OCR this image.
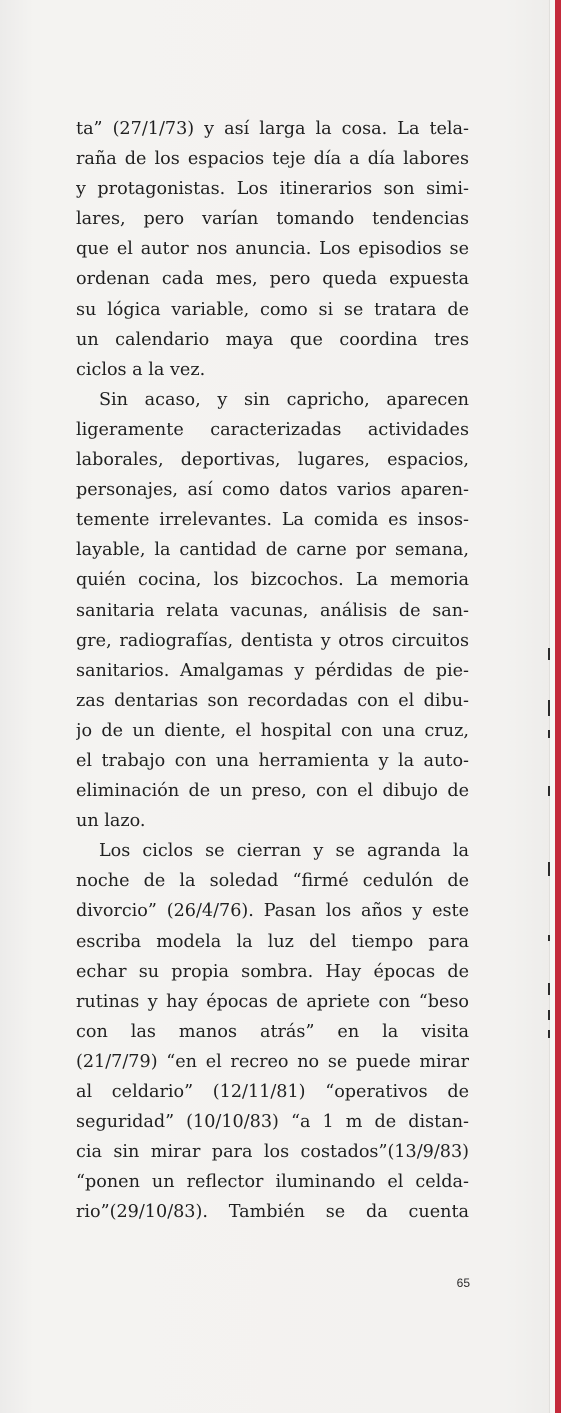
ta” (27/1/73) y así larga la cosa. La tela-
raña de los espacios teje día a día labores
y protagonistas. Los itinerarios son simi-
lares, pero varían tomando tendencias
que el autor nos anuncia. Los episodios se
ordenan cada mes, pero queda expuesta
su lógica variable, como si se tratara de
un calendario maya que coordina tres
ciclos a la vez.
Sin acaso, y sin capricho, aparecen
ligeramente caracterizadas actividades
laborales, deportivas, lugares, espacios,
personajes, así como datos varios aparen-
temente irrelevantes. La comida es insos-
layable, la cantidad de carne por semana,
quién cocina, los bizcochos. La memoria
sanitaria relata vacunas, análisis de san-
gre, radiografías, dentista y otros circuitos
sanitarios. Amalgamas y pérdidas de pie-
zas dentarias son recordadas con el dibu-
jo de un diente, el hospital con una cruz,
el trabajo con una herramienta y la auto-
eliminación de un preso, con el dibujo de
un lazo.
Los ciclos se cierran y se agranda la
noche de la soledad “firmé cedulón de
divorcio” (26/4/76). Pasan los años y este
escriba modela la luz del tiempo para
echar su propia sombra. Hay épocas de
rutinas y hay épocas de apriete con “beso
con las manos atrás” en la visita
(21/7/79) “en el recreo no se puede mirar
al celdario” (12/11/81) “operativos de
seguridad” (10/10/83) “a 1 m de distan-
cia sin mirar para los costados”(13/9/83)
“ponen un reflector iluminando el celda-
rio”(29/10/83). También se da cuenta
65
